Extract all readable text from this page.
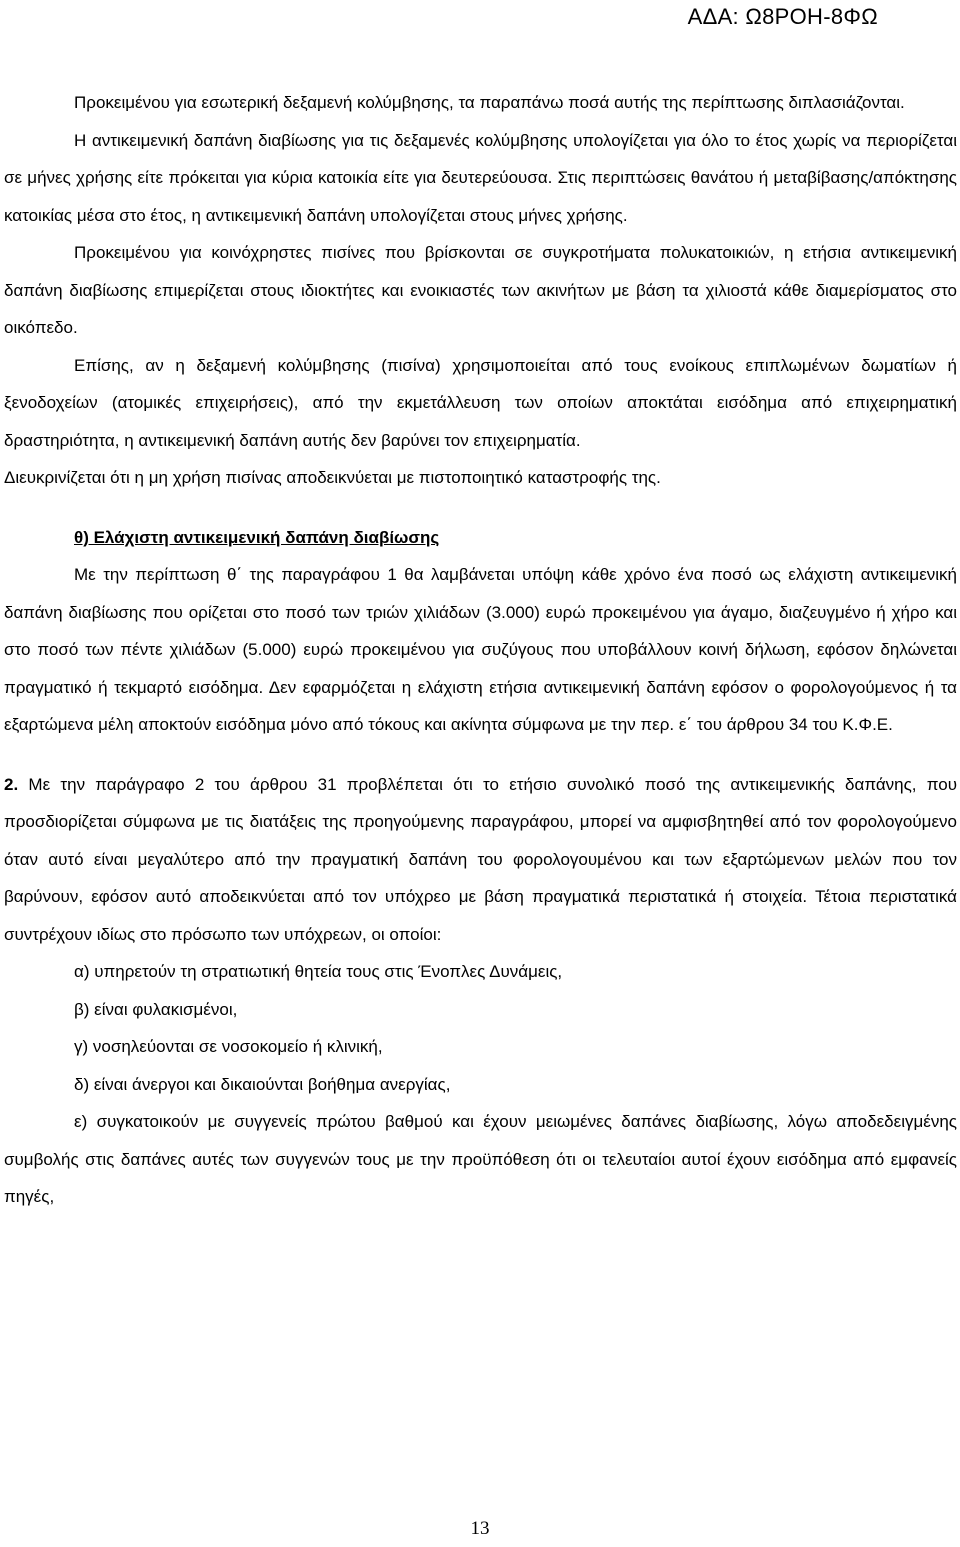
ΑΔΑ: Ω8ΡΟΗ-8ΦΩ

Προκειμένου για εσωτερική δεξαμενή κολύμβησης, τα παραπάνω ποσά αυτής της περίπτωσης διπλασιάζονται.

Η αντικειμενική δαπάνη διαβίωσης για τις δεξαμενές κολύμβησης υπολογίζεται για όλο το έτος χωρίς να περιορίζεται σε μήνες χρήσης είτε πρόκειται για κύρια κατοικία είτε για δευτερεύουσα. Στις περιπτώσεις θανάτου ή μεταβίβασης/απόκτησης κατοικίας μέσα στο έτος, η αντικειμενική δαπάνη υπολογίζεται στους μήνες χρήσης.

Προκειμένου για κοινόχρηστες πισίνες που βρίσκονται σε συγκροτήματα πολυκατοικιών, η ετήσια αντικειμενική δαπάνη διαβίωσης επιμερίζεται στους ιδιοκτήτες και ενοικιαστές των ακινήτων με βάση τα χιλιοστά κάθε διαμερίσματος στο οικόπεδο.

Επίσης, αν η δεξαμενή κολύμβησης (πισίνα) χρησιμοποιείται από τους ενοίκους επιπλωμένων δωματίων ή ξενοδοχείων (ατομικές επιχειρήσεις), από την εκμετάλλευση των οποίων αποκτάται εισόδημα από επιχειρηματική δραστηριότητα, η αντικειμενική δαπάνη αυτής δεν βαρύνει τον επιχειρηματία.

Διευκρινίζεται ότι η μη χρήση πισίνας αποδεικνύεται με πιστοποιητικό καταστροφής της.

θ) Ελάχιστη αντικειμενική δαπάνη διαβίωσης

Με την περίπτωση θ΄ της παραγράφου 1 θα λαμβάνεται υπόψη κάθε χρόνο ένα ποσό ως ελάχιστη αντικειμενική δαπάνη διαβίωσης που ορίζεται στο ποσό των τριών χιλιάδων (3.000) ευρώ προκειμένου για άγαμο, διαζευγμένο ή χήρο και στο ποσό των πέντε χιλιάδων (5.000) ευρώ προκειμένου για συζύγους που υποβάλλουν κοινή δήλωση, εφόσον δηλώνεται πραγματικό ή τεκμαρτό εισόδημα. Δεν εφαρμόζεται η ελάχιστη ετήσια αντικειμενική δαπάνη εφόσον ο φορολογούμενος ή τα εξαρτώμενα μέλη αποκτούν εισόδημα μόνο από τόκους και ακίνητα σύμφωνα με την περ. ε΄ του άρθρου 34 του Κ.Φ.Ε.

2. Με την παράγραφο 2 του άρθρου 31 προβλέπεται ότι το ετήσιο συνολικό ποσό της αντικειμενικής δαπάνης, που προσδιορίζεται σύμφωνα με τις διατάξεις της προηγούμενης παραγράφου, μπορεί να αμφισβητηθεί από τον φορολογούμενο όταν αυτό είναι μεγαλύτερο από την πραγματική δαπάνη του φορολογουμένου και των εξαρτώμενων μελών που τον βαρύνουν, εφόσον αυτό αποδεικνύεται από τον υπόχρεο με βάση πραγματικά περιστατικά ή στοιχεία. Τέτοια περιστατικά συντρέχουν ιδίως στο πρόσωπο των υπόχρεων, οι οποίοι:

α) υπηρετούν τη στρατιωτική θητεία τους στις Ένοπλες Δυνάμεις,

β) είναι φυλακισμένοι,

γ) νοσηλεύονται σε νοσοκομείο ή κλινική,

δ) είναι άνεργοι και δικαιούνται βοήθημα ανεργίας,

ε) συγκατοικούν με συγγενείς πρώτου βαθμού και έχουν μειωμένες δαπάνες διαβίωσης, λόγω αποδεδειγμένης συμβολής στις δαπάνες αυτές των συγγενών τους με την προϋπόθεση ότι οι τελευταίοι αυτοί έχουν εισόδημα από εμφανείς πηγές,

13
